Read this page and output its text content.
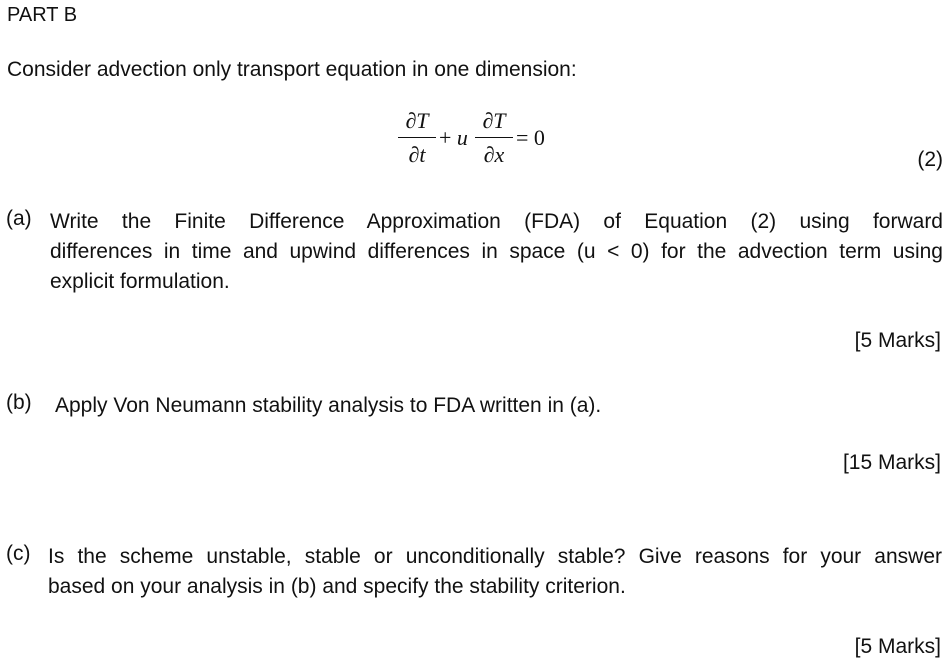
PART B
Consider advection only transport equation in one dimension:
∂T
∂t
+ u
∂T
∂x
= 0
(2)
(a) Write the Finite Difference Approximation (FDA) of Equation (2) using forward
differences in time and upwind differences in space (u < 0) for the advection term using
explicit formulation.
[5 Marks]
(b) Apply Von Neumann stability analysis to FDA written in (a).
[15 Marks]
(c) Is the scheme unstable, stable or unconditionally stable? Give reasons for your answer
based on your analysis in (b) and specify the stability criterion.
[5 Marks]
